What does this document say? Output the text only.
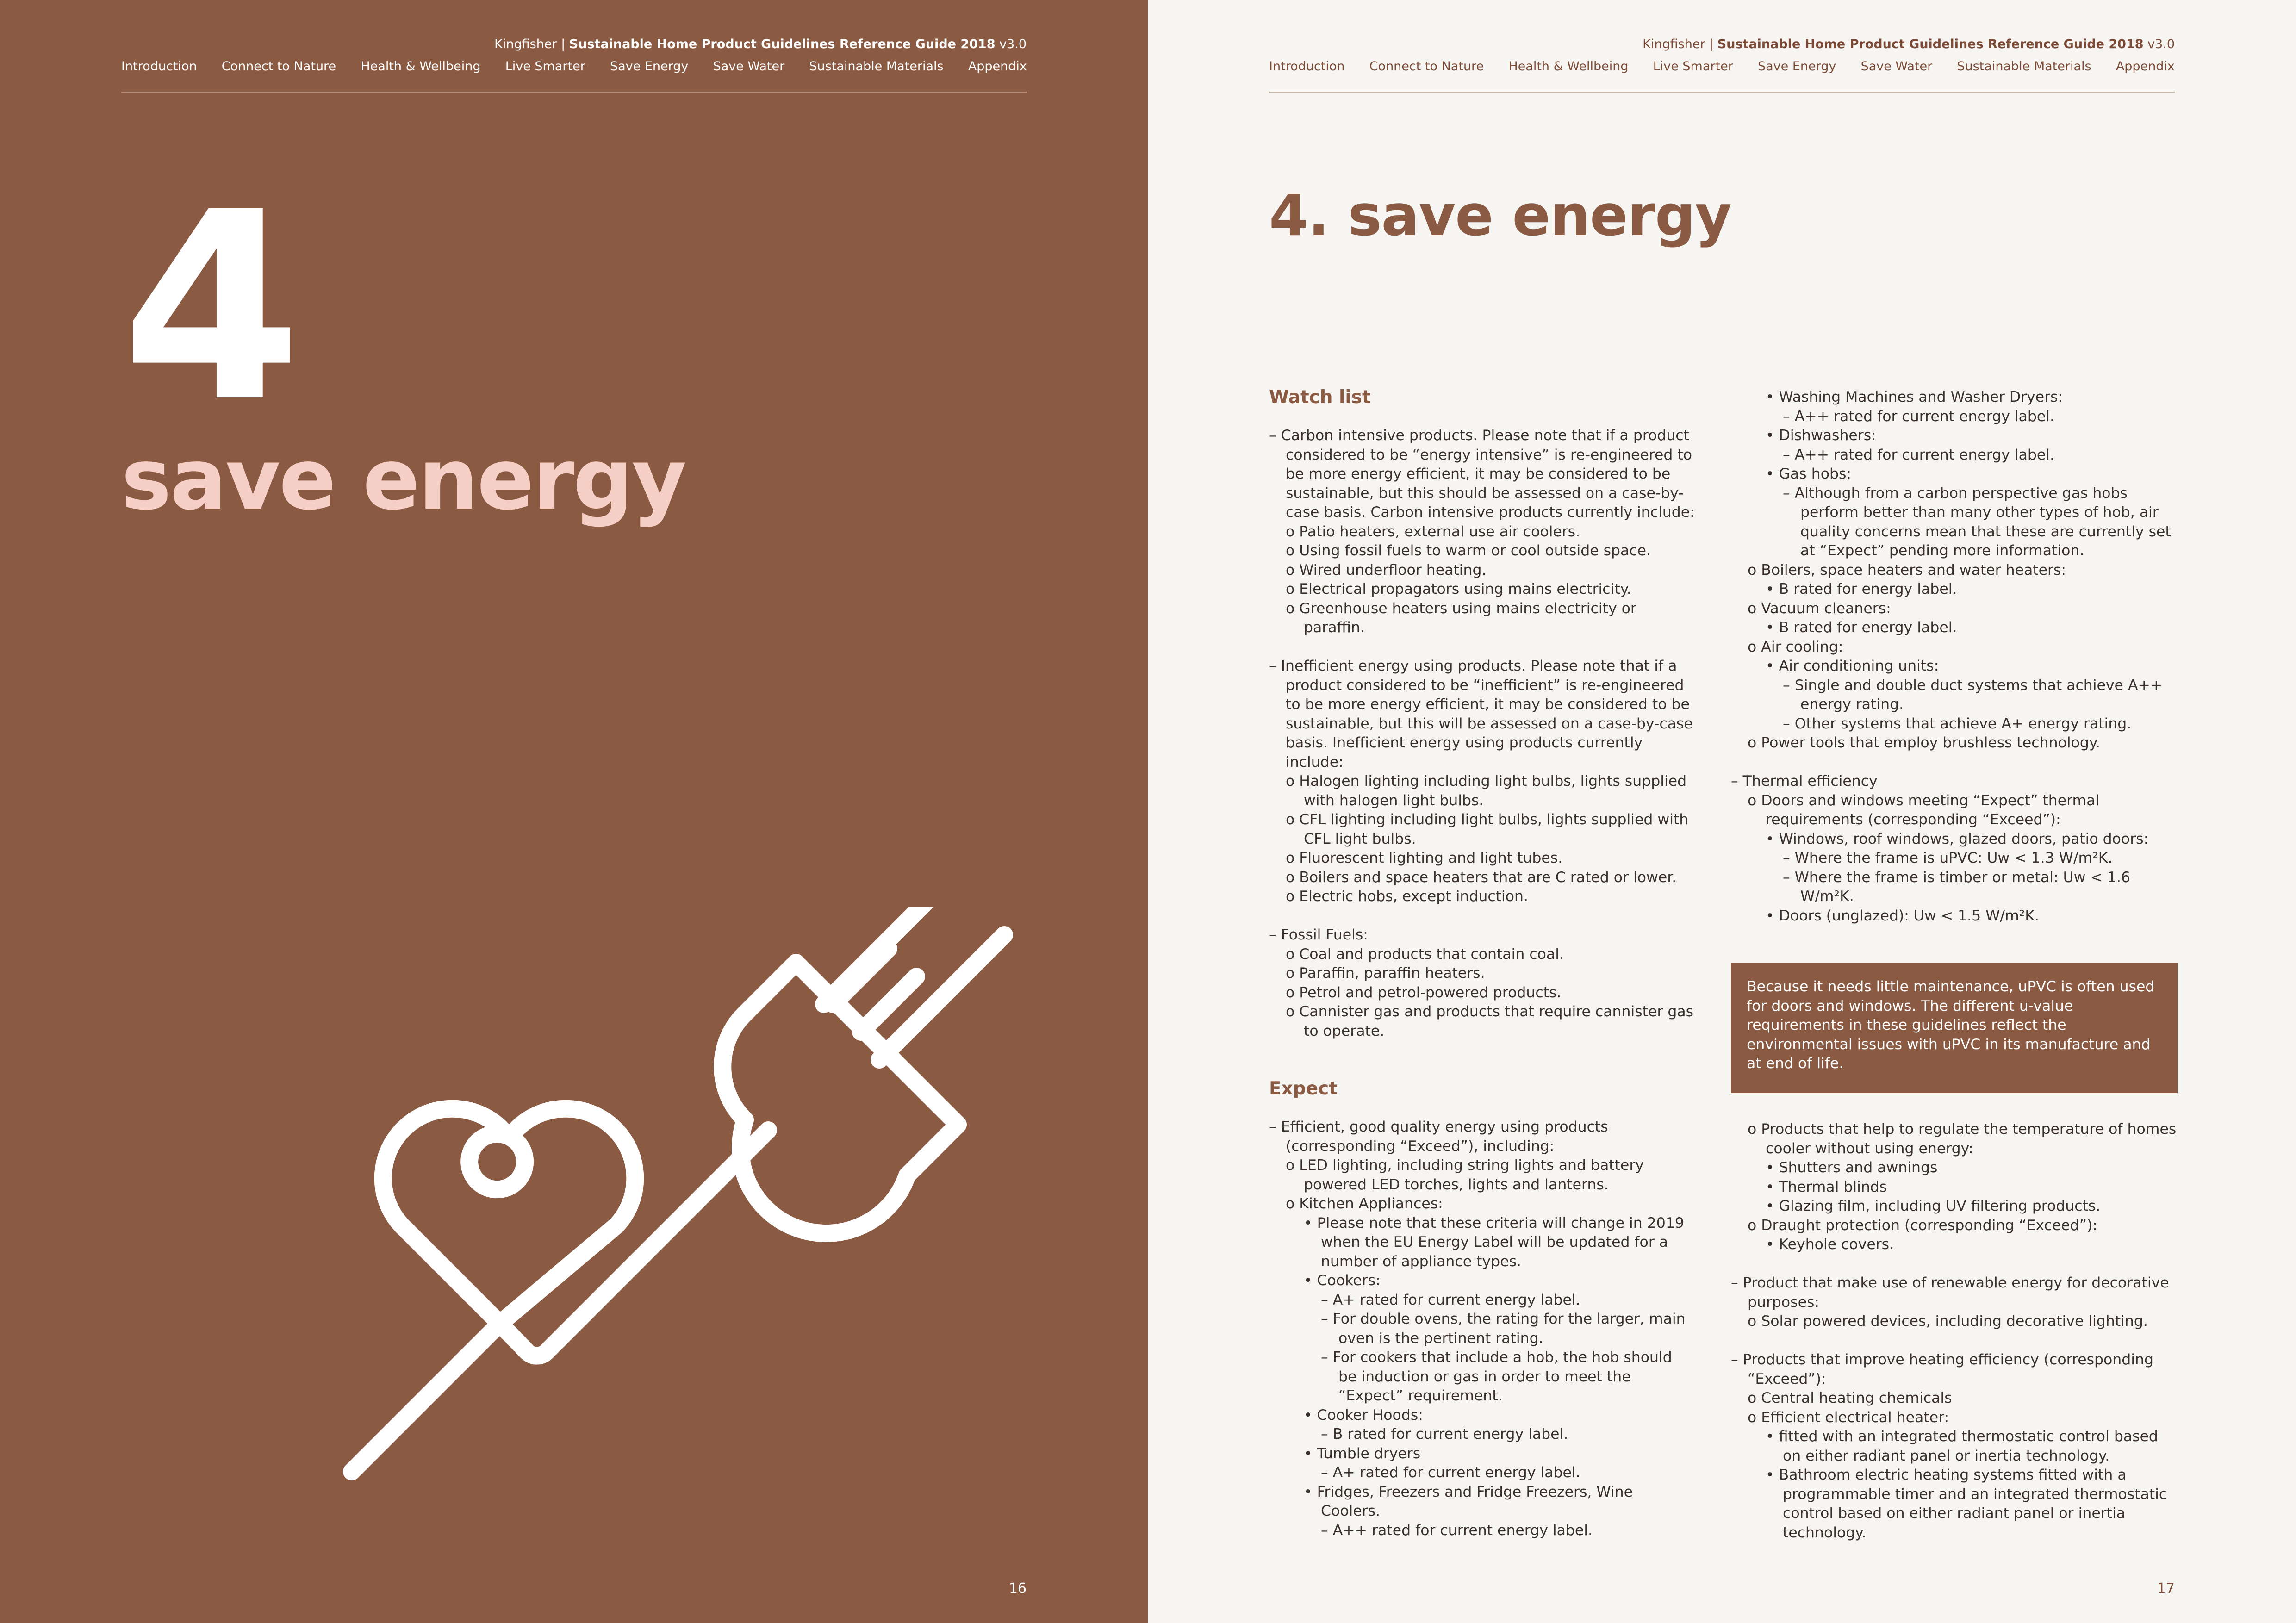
Kingfisher | Sustainable Home Product Guidelines Reference Guide 2018 v3.0
Introduction Connect to Nature Health & Wellbeing Live Smarter Save Energy Save Water Sustainable Materials Appendix
4
save energy
16
Kingfisher | Sustainable Home Product Guidelines Reference Guide 2018 v3.0
Introduction Connect to Nature Health & Wellbeing Live Smarter Save Energy Save Water Sustainable Materials Appendix
4. save energy

Watch list

– Carbon intensive products. Please note that if a product considered to be “energy intensive” is re-engineered to be more energy efficient, it may be considered to be sustainable, but this should be assessed on a case-by-case basis. Carbon intensive products currently include:

o Patio heaters, external use air coolers.

o Using fossil fuels to warm or cool outside space.

o Wired underfloor heating.

o Electrical propagators using mains electricity.

o Greenhouse heaters using mains electricity or paraffin.

– Inefficient energy using products. Please note that if a product considered to be “inefficient” is re-engineered to be more energy efficient, it may be considered to be sustainable, but this will be assessed on a case-by-case basis. Inefficient energy using products currently include:

o Halogen lighting including light bulbs, lights supplied with halogen light bulbs.

o CFL lighting including light bulbs, lights supplied with CFL light bulbs.

o Fluorescent lighting and light tubes.

o Boilers and space heaters that are C rated or lower.

o Electric hobs, except induction.

– Fossil Fuels:

o Coal and products that contain coal.

o Paraffin, paraffin heaters.

o Petrol and petrol-powered products.

o Cannister gas and products that require cannister gas to operate.

Expect

– Efficient, good quality energy using products (corresponding “Exceed”), including:

o LED lighting, including string lights and battery powered LED torches, lights and lanterns.

o Kitchen Appliances:

• Please note that these criteria will change in 2019 when the EU Energy Label will be updated for a number of appliance types.

• Cookers:

– A+ rated for current energy label.

– For double ovens, the rating for the larger, main oven is the pertinent rating.

– For cookers that include a hob, the hob should be induction or gas in order to meet the “Expect” requirement.

• Cooker Hoods:

– B rated for current energy label.

• Tumble dryers

– A+ rated for current energy label.

• Fridges, Freezers and Fridge Freezers, Wine Coolers.

– A++ rated for current energy label.

• Washing Machines and Washer Dryers:

– A++ rated for current energy label.

• Dishwashers:

– A++ rated for current energy label.

• Gas hobs:

– Although from a carbon perspective gas hobs perform better than many other types of hob, air quality concerns mean that these are currently set at “Expect” pending more information.

o Boilers, space heaters and water heaters:

• B rated for energy label.

o Vacuum cleaners:

• B rated for energy label.

o Air cooling:

• Air conditioning units:

– Single and double duct systems that achieve A++ energy rating.

– Other systems that achieve A+ energy rating.

o Power tools that employ brushless technology.

– Thermal efficiency

o Doors and windows meeting “Expect” thermal requirements (corresponding “Exceed”):

• Windows, roof windows, glazed doors, patio doors:

– Where the frame is uPVC: Uw < 1.3 W/m²K.

– Where the frame is timber or metal: Uw < 1.6 W/m²K.

• Doors (unglazed): Uw < 1.5 W/m²K.

Because it needs little maintenance, uPVC is often used for doors and windows. The different u-value requirements in these guidelines reflect the environmental issues with uPVC in its manufacture and at end of life.

o Products that help to regulate the temperature of homes cooler without using energy:

• Shutters and awnings

• Thermal blinds

• Glazing film, including UV filtering products.

o Draught protection (corresponding “Exceed”):

• Keyhole covers.

– Product that make use of renewable energy for decorative purposes:

o Solar powered devices, including decorative lighting.

– Products that improve heating efficiency (corresponding “Exceed”):

o Central heating chemicals

o Efficient electrical heater:

• fitted with an integrated thermostatic control based on either radiant panel or inertia technology.

• Bathroom electric heating systems fitted with a programmable timer and an integrated thermostatic control based on either radiant panel or inertia technology.

17
